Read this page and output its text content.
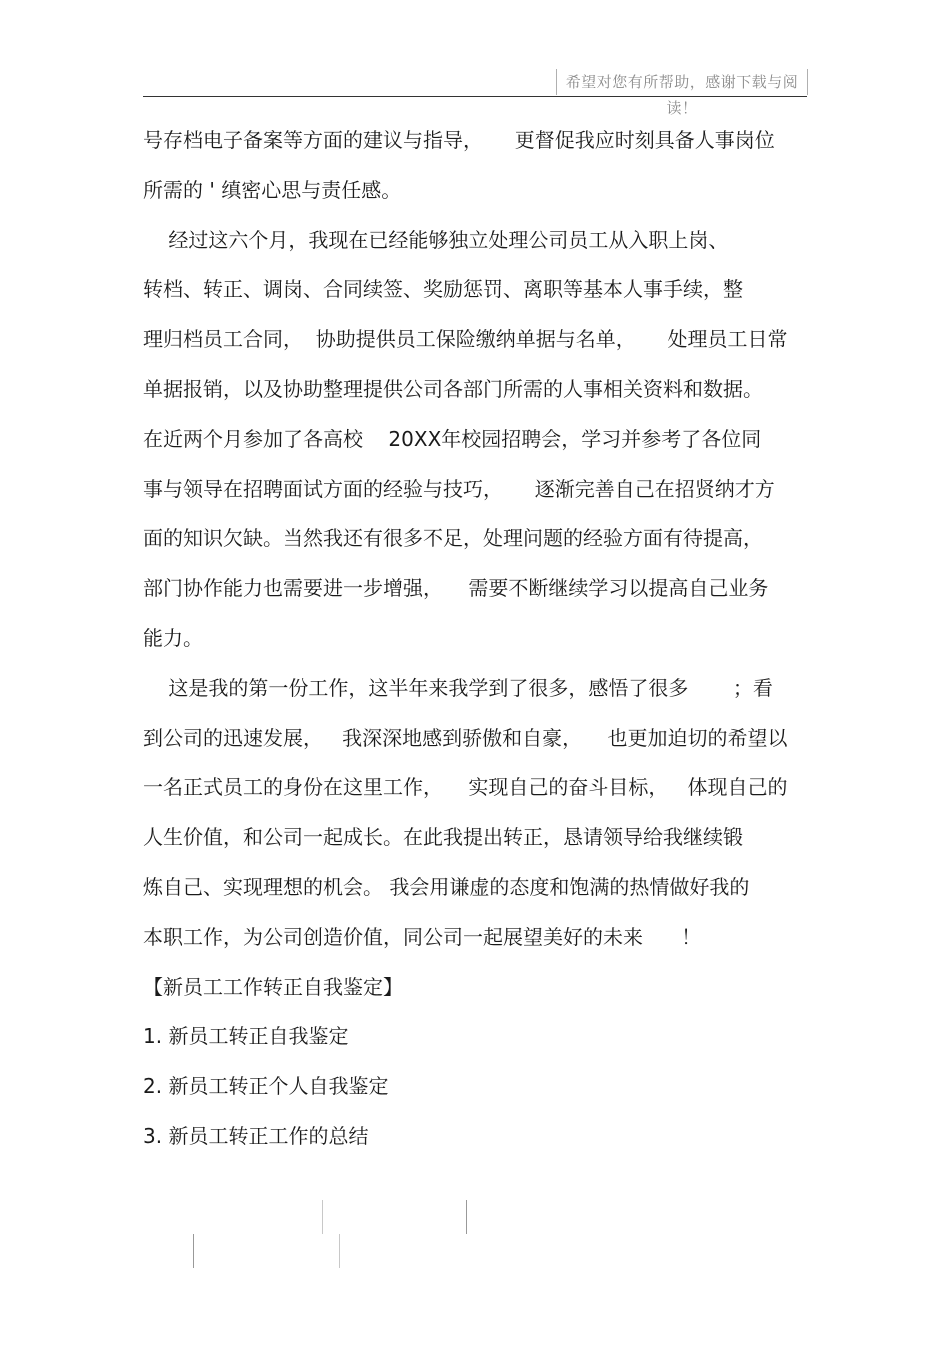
希望对您有所帮助，感谢下载与阅读！
号存档电子备案等方面的建议与指导，     更督促我应时刻具备人事岗位
所需的 ' 缜密心思与责任感。
经过这六个月，我现在已经能够独立处理公司员工从入职上岗、
转档、转正、调岗、合同续签、奖励惩罚、离职等基本人事手续，整
理归档员工合同，  协助提供员工保险缴纳单据与名单，     处理员工日常
单据报销，以及协助整理提供公司各部门所需的人事相关资料和数据。
在近两个月参加了各高校    20XX年校园招聘会，学习并参考了各位同
事与领导在招聘面试方面的经验与技巧，     逐渐完善自己在招贤纳才方
面的知识欠缺。当然我还有很多不足，处理问题的经验方面有待提高，
部门协作能力也需要进一步增强，    需要不断继续学习以提高自己业务
能力。
这是我的第一份工作，这半年来我学到了很多，感悟了很多       ；看
到公司的迅速发展，   我深深地感到骄傲和自豪，    也更加迫切的希望以
一名正式员工的身份在这里工作，    实现自己的奋斗目标，   体现自己的
人生价值，和公司一起成长。在此我提出转正，恳请领导给我继续锻
炼自己、实现理想的机会。 我会用谦虚的态度和饱满的热情做好我的
本职工作，为公司创造价值，同公司一起展望美好的未来      ！
【新员工工作转正自我鉴定】
1. 新员工转正自我鉴定
2. 新员工转正个人自我鉴定
3. 新员工转正工作的总结
